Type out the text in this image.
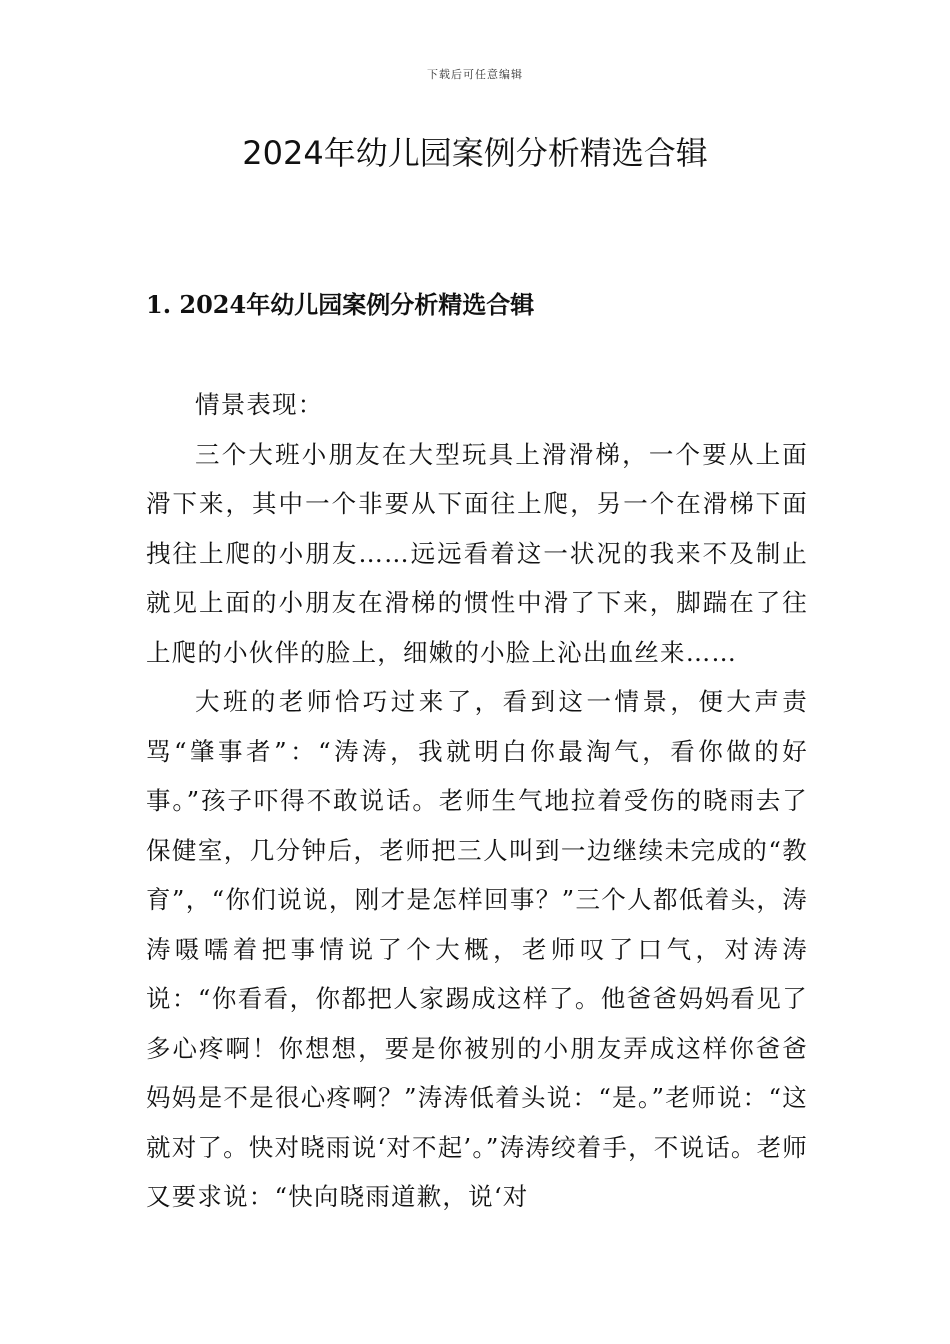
下载后可任意编辑
2024年幼儿园案例分析精选合辑
1. 2024年幼儿园案例分析精选合辑

情景表现：

三个大班小朋友在大型玩具上滑滑梯，一个要从上面滑下来，其中一个非要从下面往上爬，另一个在滑梯下面拽往上爬的小朋友……远远看着这一状况的我来不及制止就见上面的小朋友在滑梯的惯性中滑了下来，脚踹在了往上爬的小伙伴的脸上，细嫩的小脸上沁出血丝来……

大班的老师恰巧过来了，看到这一情景，便大声责骂“肇事者”：“涛涛，我就明白你最淘气，看你做的好事。”孩子吓得不敢说话。老师生气地拉着受伤的晓雨去了保健室，几分钟后，老师把三人叫到一边继续未完成的“教育”，“你们说说，刚才是怎样回事？”三个人都低着头，涛涛嗫嚅着把事情说了个大概，老师叹了口气，对涛涛说：“你看看，你都把人家踢成这样了。他爸爸妈妈看见了多心疼啊！你想想，要是你被别的小朋友弄成这样你爸爸妈妈是不是很心疼啊？”涛涛低着头说：“是。”老师说：“这就对了。快对晓雨说‘对不起’。”涛涛绞着手，不说话。老师又要求说：“快向晓雨道歉，说‘对
